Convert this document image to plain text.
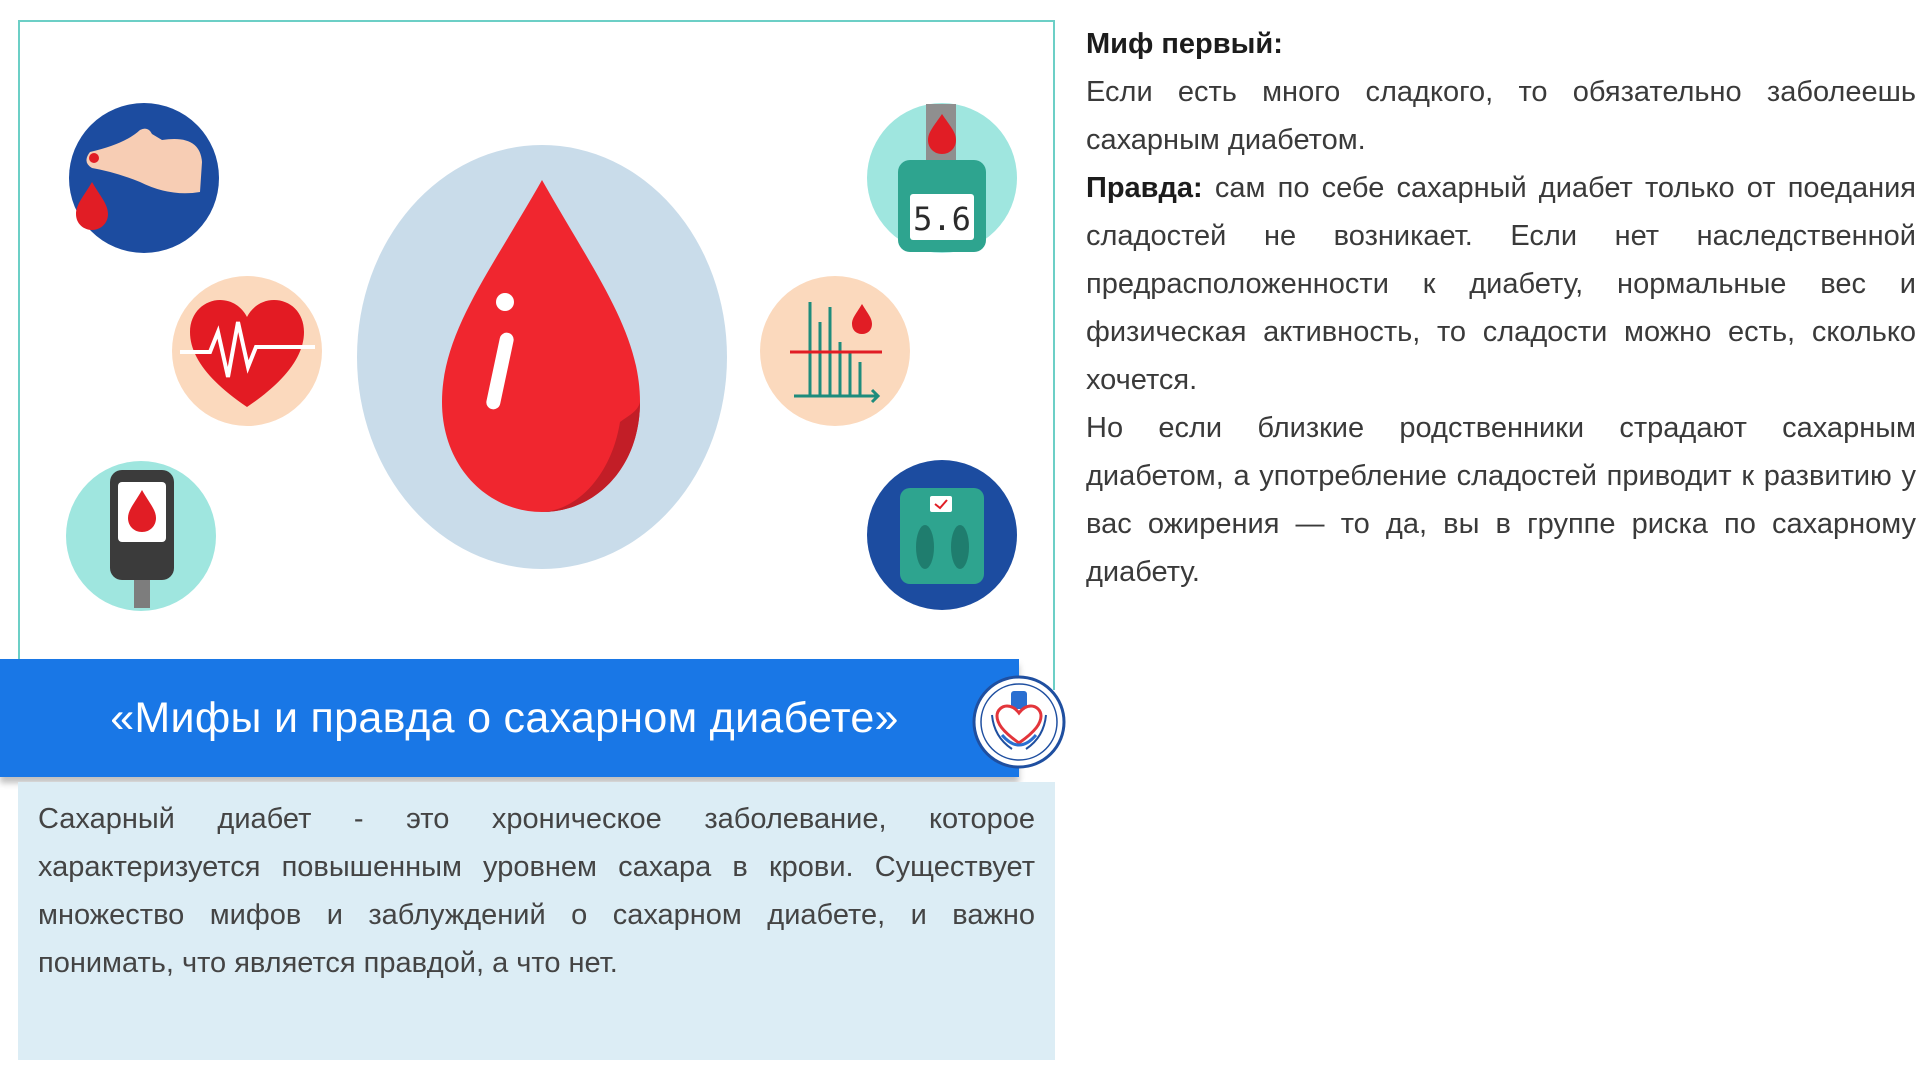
5.6
«Мифы и правда о сахарном диабете»

Сахарный диабет - это хроническое заболевание, которое характеризуется повышенным уровнем сахара в крови. Существует множество мифов и заблуждений о сахарном диабете, и важно понимать, что является правдой, а что нет.

Миф первый:

Если есть много сладкого, то обязательно заболеешь сахарным диабетом.

Правда: сам по себе сахарный диабет только от поедания сладостей не возникает. Если нет наследственной предрасположенности к диабету, нормальные вес и физическая активность, то сладости можно есть, сколько хочется.

Но если близкие родственники страдают сахарным диабетом, а употребление сладостей приводит к развитию у вас ожирения — то да, вы в группе риска по сахарному диабету.
